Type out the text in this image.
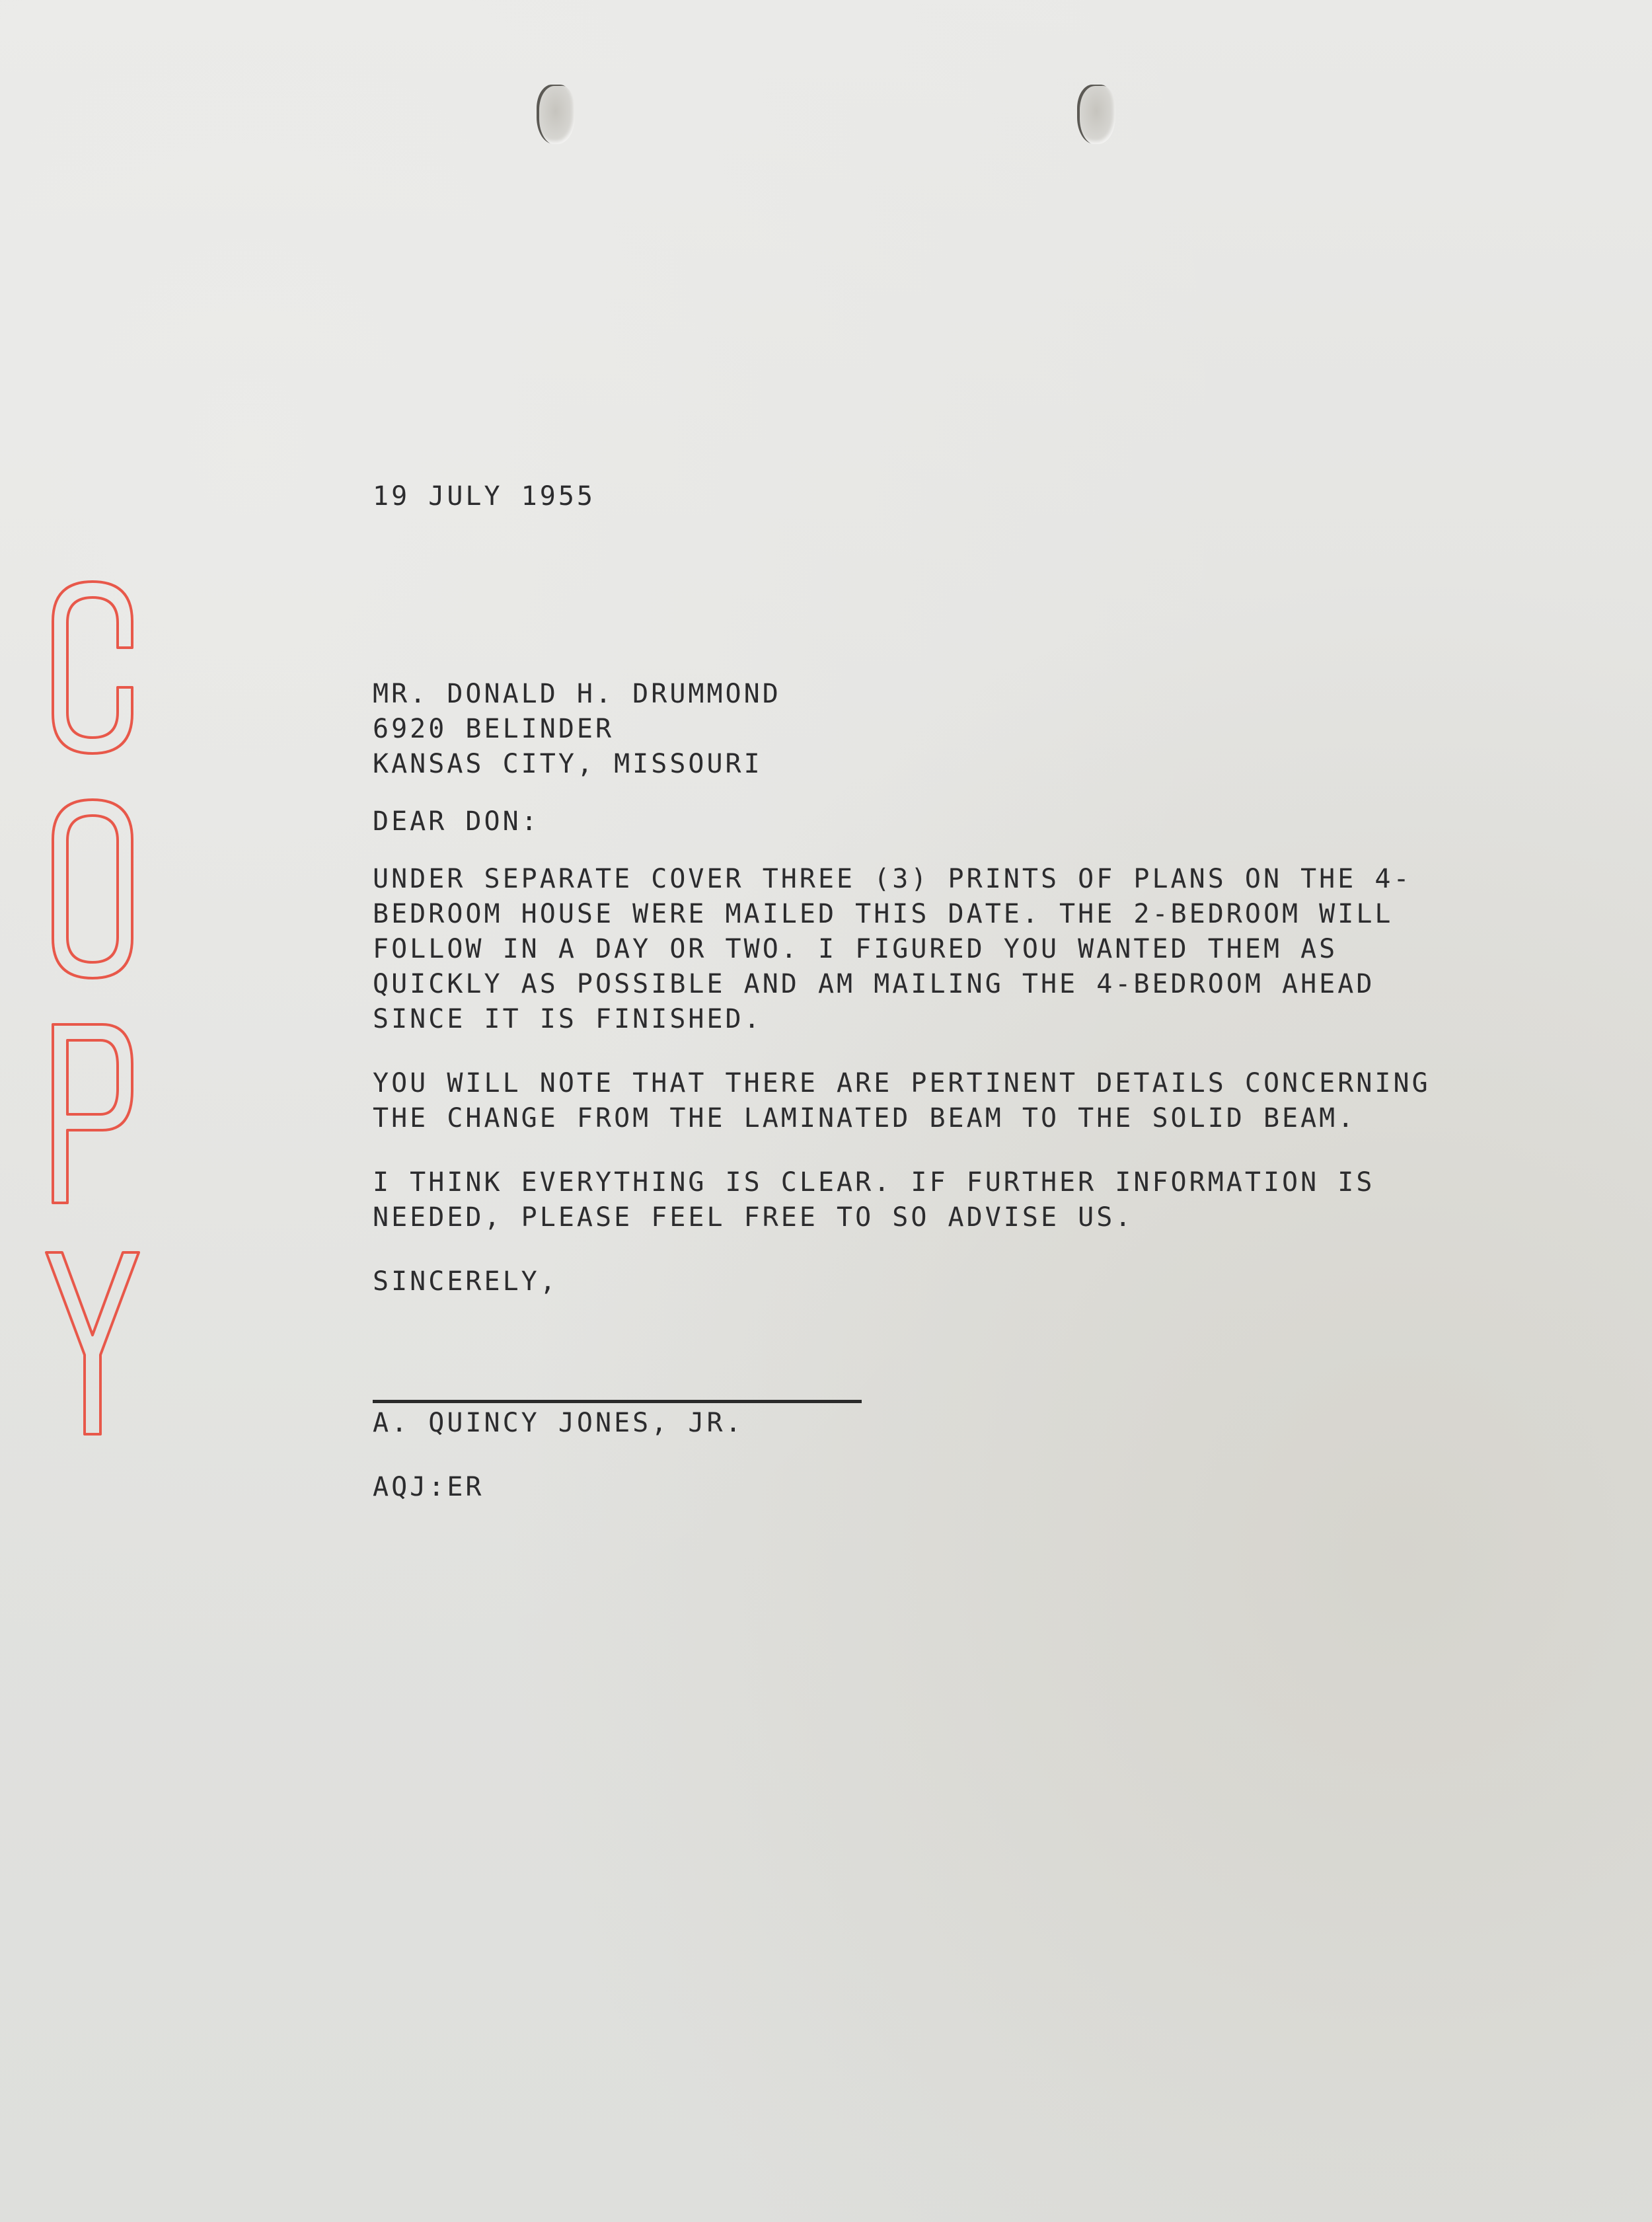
19 JULY 1955

MR. DONALD H. DRUMMOND

6920 BELINDER

KANSAS CITY, MISSOURI

DEAR DON:

UNDER SEPARATE COVER THREE (3) PRINTS OF PLANS ON THE 4-BEDROOM HOUSE WERE MAILED THIS DATE. THE 2-BEDROOM WILL FOLLOW IN A DAY OR TWO. I FIGURED YOU WANTED THEM AS QUICKLY AS POSSIBLE AND AM MAILING THE 4-BEDROOM AHEAD SINCE IT IS FINISHED.

YOU WILL NOTE THAT THERE ARE PERTINENT DETAILS CONCERNING THE CHANGE FROM THE LAMINATED BEAM TO THE SOLID BEAM.

I THINK EVERYTHING IS CLEAR. IF FURTHER INFORMATION IS NEEDED, PLEASE FEEL FREE TO SO ADVISE US.

SINCERELY,

A. QUINCY JONES, JR.

AQJ:ER
